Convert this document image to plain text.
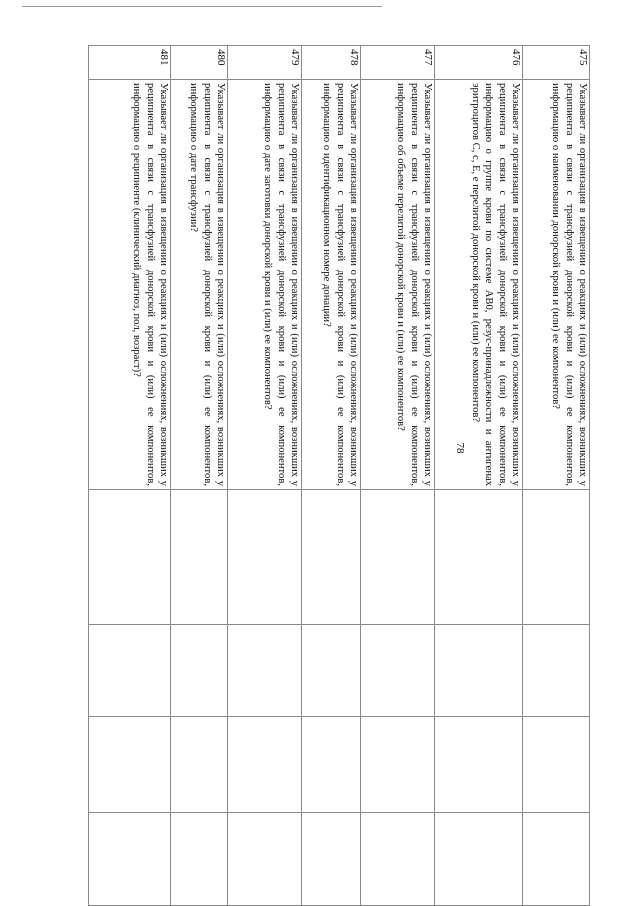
78
475	Указывает ли организация в извещении о реакциях и (или) осложнениях, возникших у реципиента в связи с трансфузией донорской крови и (или) ее компонентов, информацию о наименовании донорской крови и (или) ее компонентов?				
476	Указывает ли организация в извещении о реакциях и (или) осложнениях, возникших у реципиента в связи с трансфузией донорской крови и (или) ее компонентов, информацию о группе крови по системе АВ0, резус-принадлежности и антигенах эритроцитов C, c, E, e перелитой донорской крови и (или) ее компонентов?				
477	Указывает ли организация в извещении о реакциях и (или) осложнениях, возникших у реципиента в связи с трансфузией донорской крови и (или) ее компонентов, информацию об объеме перелитой донорской крови и (или) ее компонентов?				
478	Указывает ли организация в извещении о реакциях и (или) осложнениях, возникших у реципиента в связи с трансфузией донорской крови и (или) ее компонентов, информацию о идентификационном номере донации?				
479	Указывает ли организация в извещении о реакциях и (или) осложнениях, возникших у реципиента в связи с трансфузией донорской крови и (или) ее компонентов, информацию о дате заготовки донорской крови и (или) ее компонентов?				
480	Указывает ли организация в извещении о реакциях и (или) осложнениях, возникших у реципиента в связи с трансфузией донорской крови и (или) ее компонентов, информацию о дате трансфузии?				
481	Указывает ли организация в извещении о реакциях и (или) осложнениях, возникших у реципиента в связи с трансфузией донорской крови и (или) ее компонентов, информацию о реципиенте (клинический диагноз, пол, возраст)?				
